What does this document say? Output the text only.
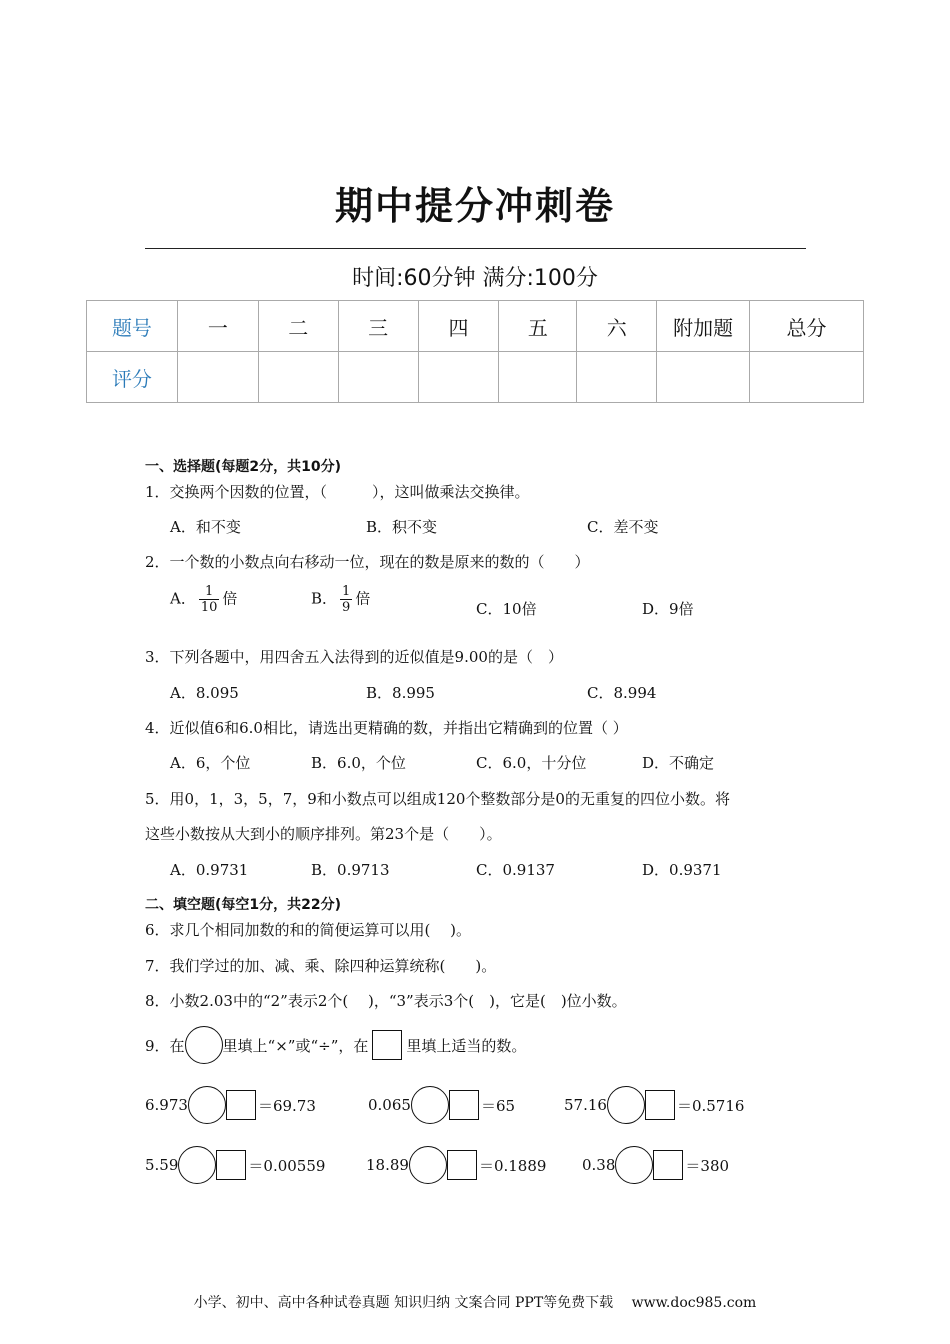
期中提分冲刺卷
时间:60分钟 满分:100分
题号	一	二	三	四	五	六	附加题	总分
评分								
一、选择题(每题2分，共10分)
1．交换两个因数的位置，（　　　），这叫做乘法交换律。
A．和不变	B．积不变	C．差不变
2．一个数的小数点向右移动一位，现在的数是原来的数的（　　）
A． $\frac{1}{10}$ 倍	B． $\frac{1}{9}$ 倍
C．10倍	D．9倍
3．下列各题中，用四舍五入法得到的近似值是9.00的是（　）
A．8.095	B．8.995	C．8.994
4．近似值6和6.0相比，请选出更精确的数，并指出它精确到的位置（ ）
A．6，个位	B．6.0，个位	C．6.0，十分位	D．不确定
5．用0，1，3，5，7，9和小数点可以组成120个整数部分是0的无重复的四位小数。将
这些小数按从大到小的顺序排列。第23个是（　　）。
A．0.9731	B．0.9713	C．0.9137	D．0.9371
二、填空题(每空1分，共22分)
6．求几个相同加数的和的简便运算可以用(　 )。
7．我们学过的加、减、乘、除四种运算统称(　　)。
8．小数2.03中的“2”表示2个(　 )，“3”表示3个(　)，它是(　)位小数。
9．在	里填上“×”或“÷”，在	里填上适当的数。
6.973	＝69.73	0.065	＝65	57.16	＝0.5716
5.59	＝0.00559	18.89	＝0.1889 0.38	＝380
小学、初中、高中各种试卷真题 知识归纳 文案合同 PPT等免费下载　 www.doc985.com
